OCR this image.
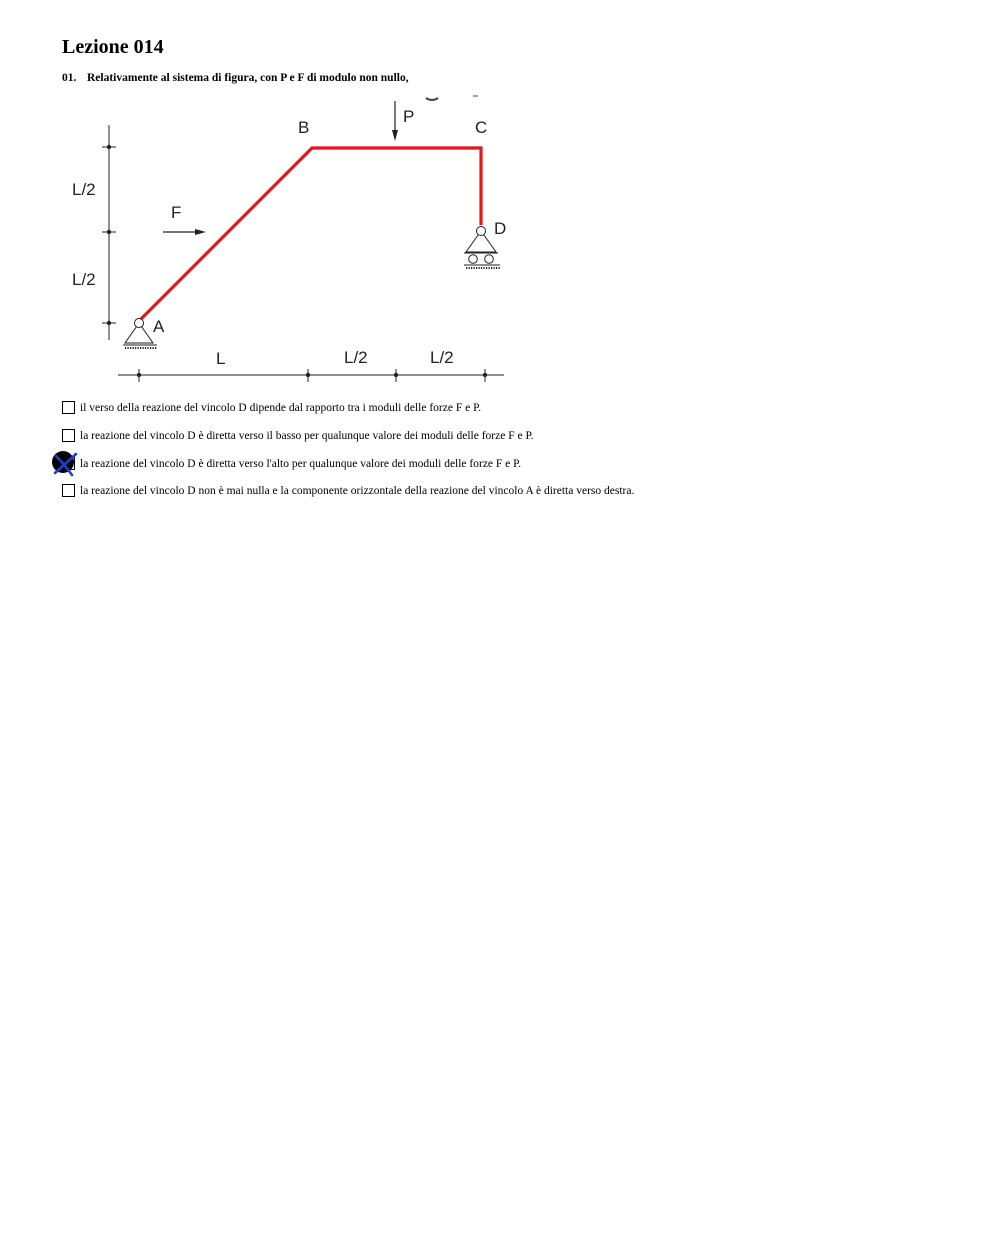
Lezione 014
01. Relativamente al sistema di figura, con P e F di modulo non nullo,
L/2
L/2
L	L/2	L/2
A
D
B	C
P
F
il verso della reazione del vincolo D dipende dal rapporto tra i moduli delle forze F e P.
la reazione del vincolo D è diretta verso il basso per qualunque valore dei moduli delle forze F e P.
la reazione del vincolo D è diretta verso l'alto per qualunque valore dei moduli delle forze F e P.
la reazione del vincolo D non è mai nulla e la componente orizzontale della reazione del vincolo A è diretta verso destra.
